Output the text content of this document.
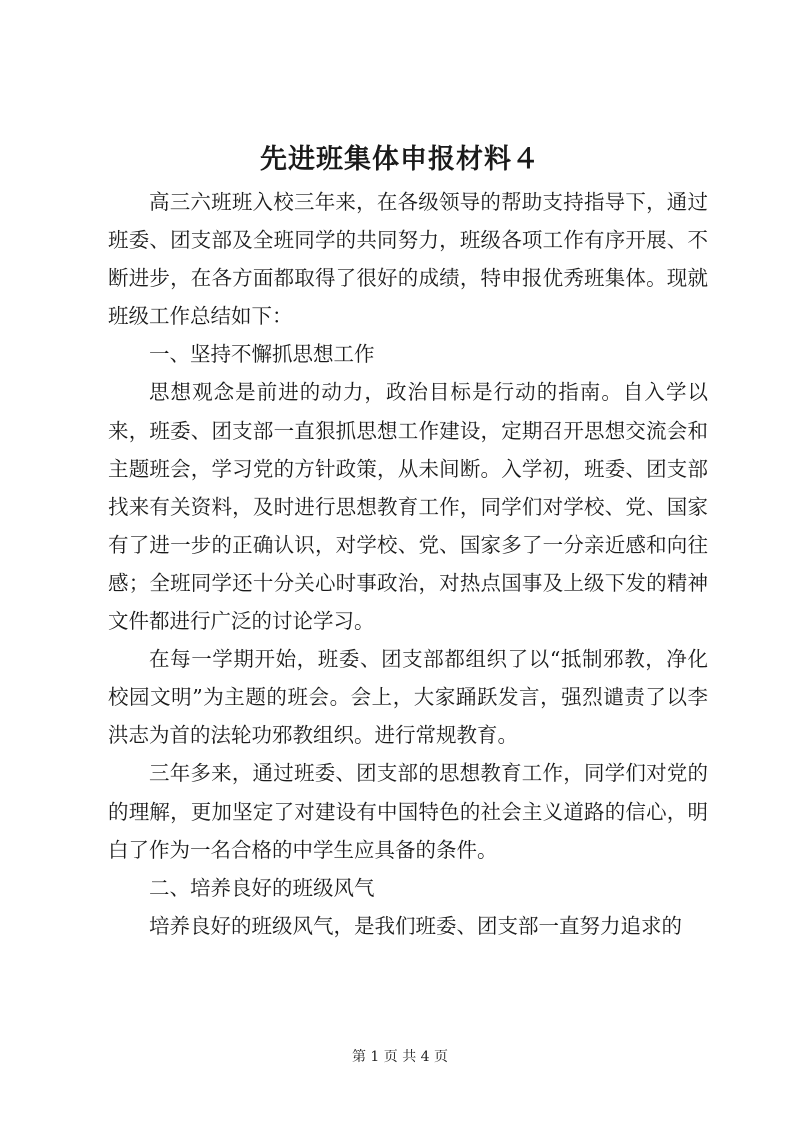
先进班集体申报材料４

高三六班班入校三年来，在各级领导的帮助支持指导下，通过班委、团支部及全班同学的共同努力，班级各项工作有序开展、不断进步，在各方面都取得了很好的成绩，特申报优秀班集体。现就班级工作总结如下：

一、坚持不懈抓思想工作

思想观念是前进的动力，政治目标是行动的指南。自入学以来，班委、团支部一直狠抓思想工作建设，定期召开思想交流会和主题班会，学习党的方针政策，从未间断。入学初，班委、团支部找来有关资料，及时进行思想教育工作，同学们对学校、党、国家有了进一步的正确认识，对学校、党、国家多了一分亲近感和向往感；全班同学还十分关心时事政治，对热点国事及上级下发的精神文件都进行广泛的讨论学习。

在每一学期开始，班委、团支部都组织了以“抵制邪教，净化校园文明”为主题的班会。会上，大家踊跃发言，强烈谴责了以李洪志为首的法轮功邪教组织。进行常规教育。

三年多来，通过班委、团支部的思想教育工作，同学们对党的的理解，更加坚定了对建设有中国特色的社会主义道路的信心，明白了作为一名合格的中学生应具备的条件。

二、培养良好的班级风气

培养良好的班级风气，是我们班委、团支部一直努力追求的

第 1 页 共 4 页
